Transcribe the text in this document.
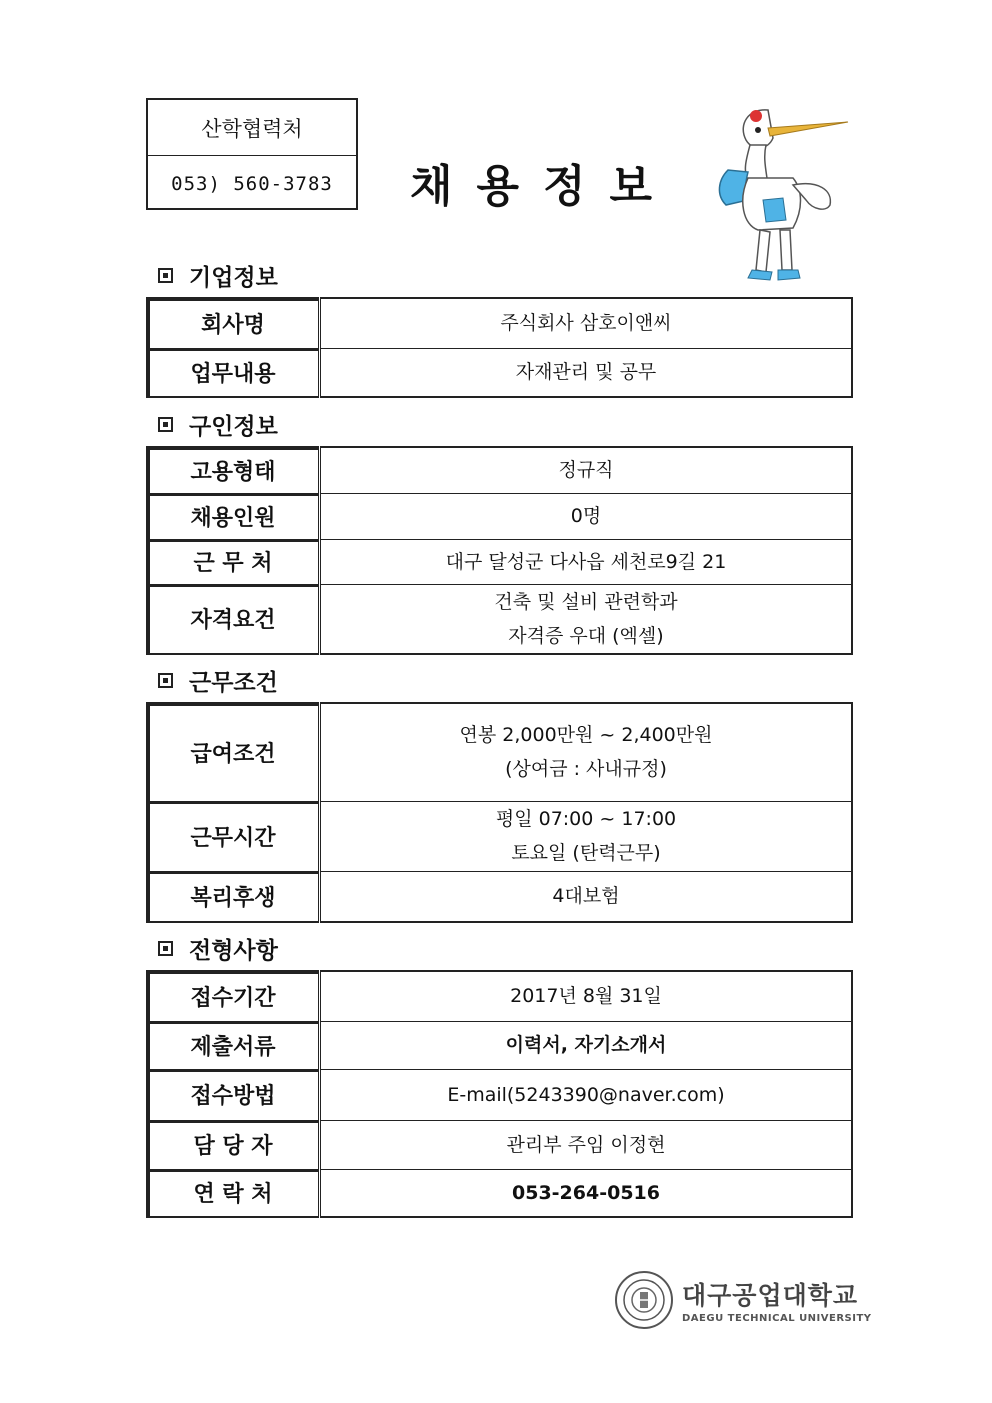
산학협력처
053) 560-3783	채용정보
기업정보
회사명	주식회사 삼호이앤씨
업무내용	자재관리 및 공무
구인정보
고용형태	정규직
채용인원	0명
근 무 처	대구 달성군 다사읍 세천로9길 21
자격요건	건축 및 설비 관련학과
자격증 우대 (엑셀)
근무조건
급여조건	연봉 2,000만원 ~ 2,400만원
(상여금 : 사내규정)

근무시간	평일 07:00 ~ 17:00
토요일 (탄력근무)

복리후생	4대보험
전형사항
접수기간	2017년 8월 31일
제출서류	이력서, 자기소개서
접수방법	E-mail(5243390@naver.com)
담 당 자	관리부 주임 이정현
연 락 처	053-264-0516
대구공업대학교
DAEGU TECHNICAL UNIVERSITY
